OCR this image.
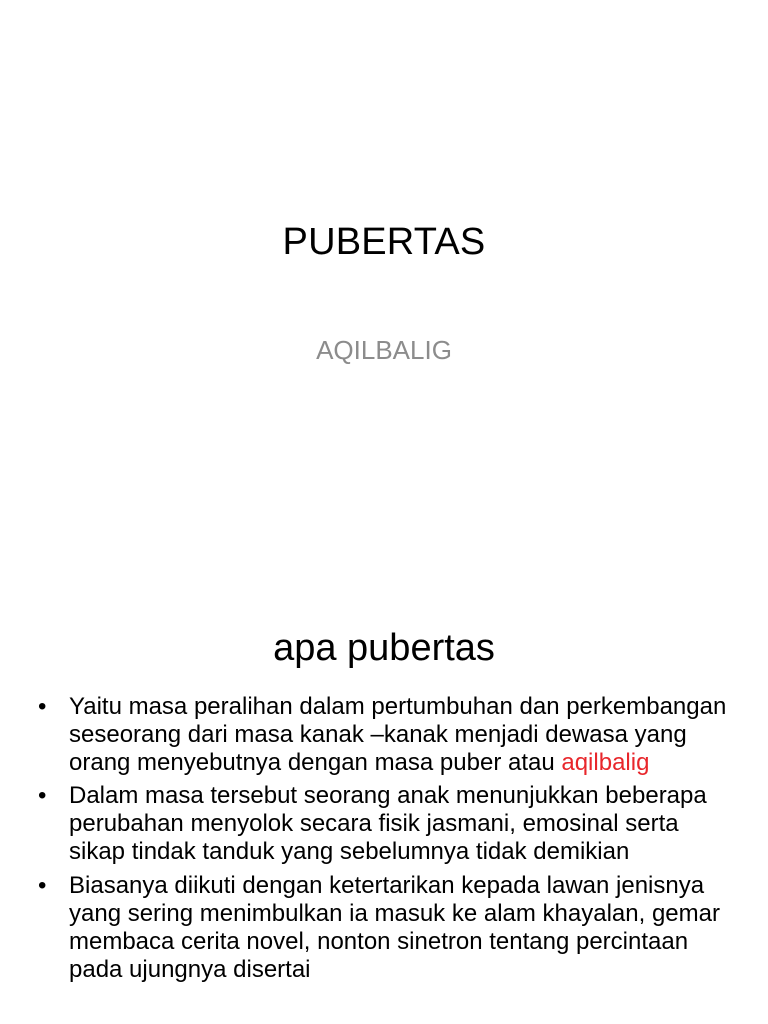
PUBERTAS
AQILBALIG
apa pubertas
• Yaitu masa peralihan dalam pertumbuhan dan perkembangan seseorang dari masa kanak –kanak menjadi dewasa yang orang menyebutnya dengan masa puber atau aqilbalig
• Dalam masa tersebut seorang anak menunjukkan beberapa perubahan menyolok secara fisik jasmani, emosinal serta sikap tindak tanduk yang sebelumnya tidak demikian
• Biasanya diikuti dengan ketertarikan kepada lawan jenisnya yang sering menimbulkan ia masuk ke alam khayalan, gemar membaca cerita novel, nonton sinetron tentang percintaan pada ujungnya disertai
